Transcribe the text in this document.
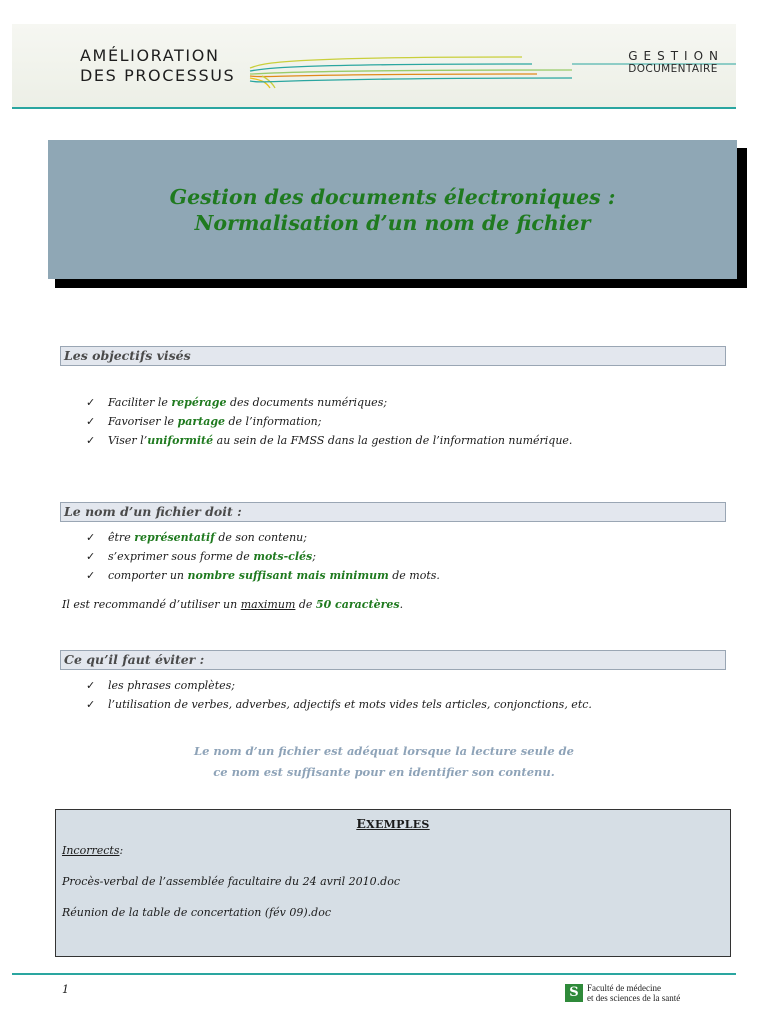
AMÉLIORATION
DES PROCESSUS
GESTION
DOCUMENTAIRE
Gestion des documents électroniques :
Normalisation d’un nom de fichier
Les objectifs visés
✓ Faciliter le repérage des documents numériques;
✓ Favoriser le partage de l’information;
✓ Viser l’uniformité au sein de la FMSS dans la gestion de l’information numérique.
Le nom d’un fichier doit :
✓ être représentatif de son contenu;
✓ s’exprimer sous forme de mots-clés;
✓ comporter un nombre suffisant mais minimum de mots.
Il est recommandé d’utiliser un maximum de 50 caractères.
Ce qu’il faut éviter :
✓ les phrases complètes;
✓ l’utilisation de verbes, adverbes, adjectifs et mots vides tels articles, conjonctions, etc.
Le nom d’un fichier est adéquat lorsque la lecture seule de
ce nom est suffisante pour en identifier son contenu.
EXEMPLES
Incorrects:
Procès-verbal de l’assemblée facultaire du 24 avril 2010.doc
Réunion de la table de concertation (fév 09).doc
1	S Faculté de médecine
et des sciences de la santé
